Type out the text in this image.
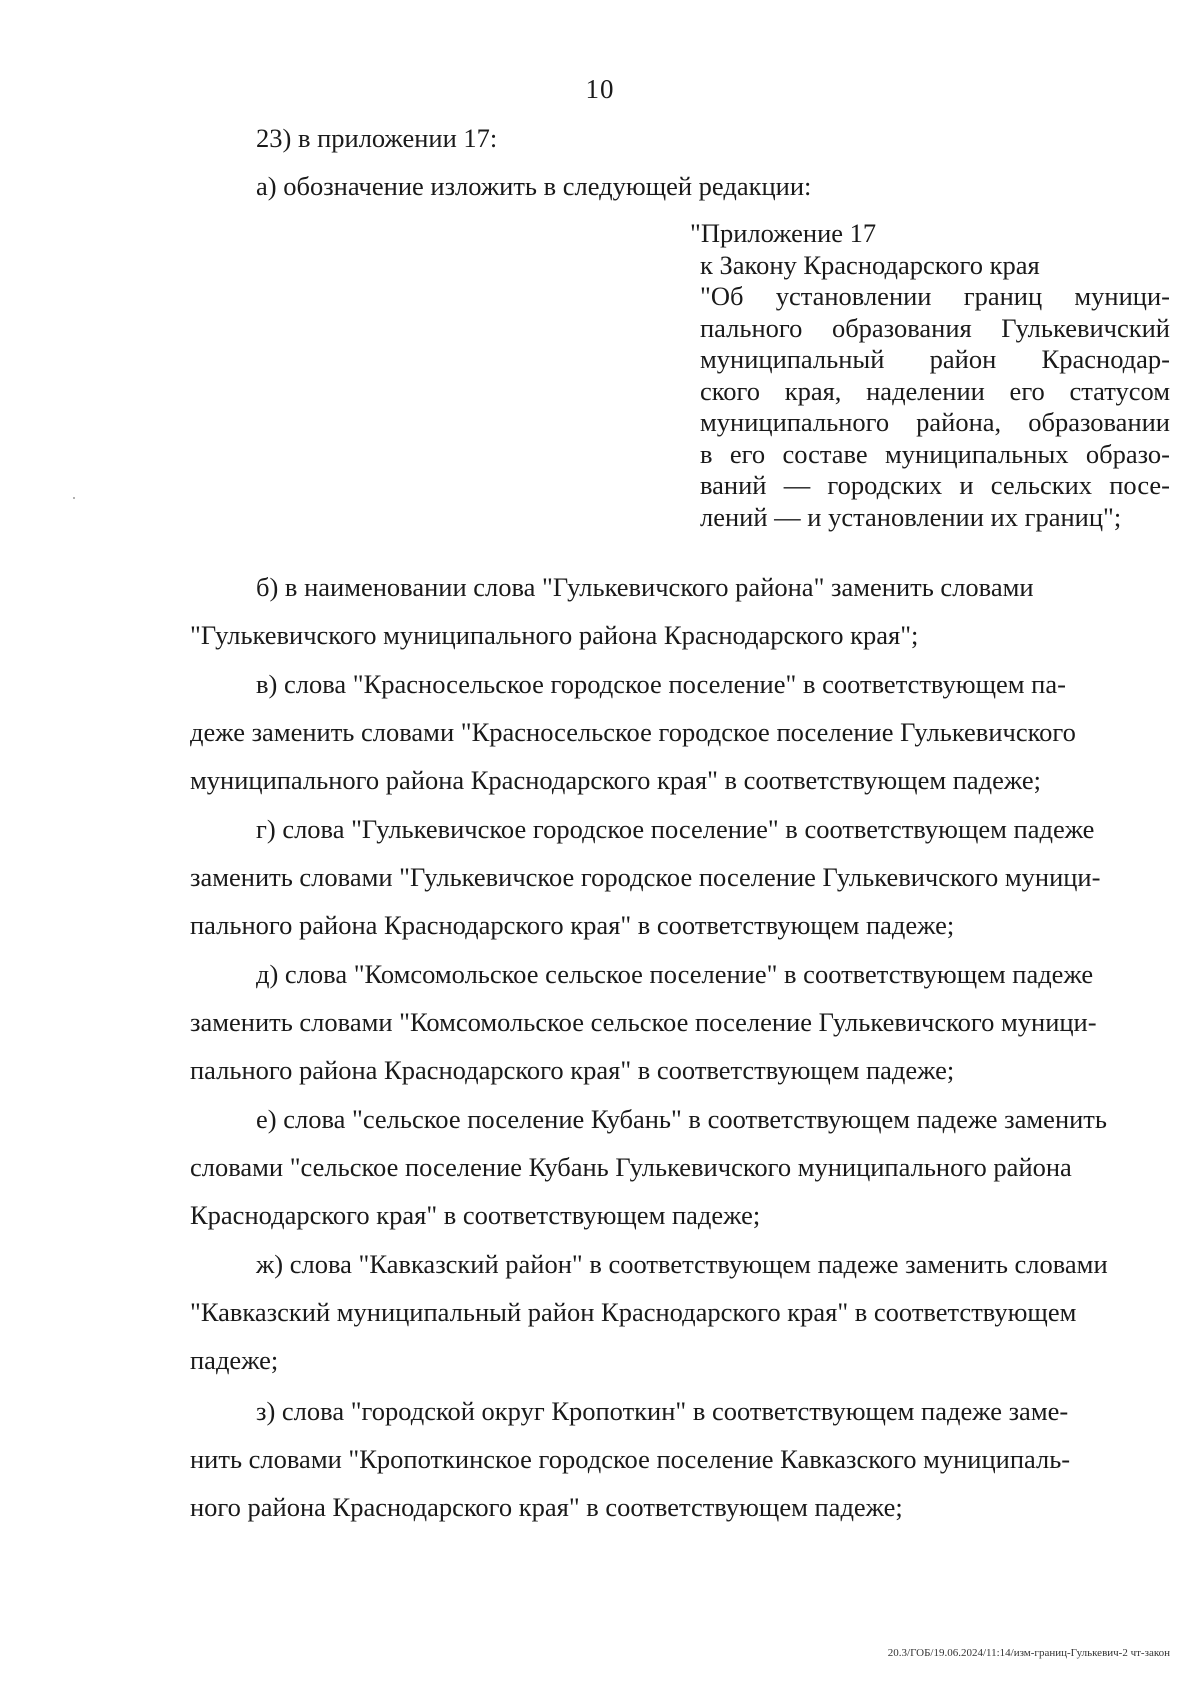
10
23) в приложении 17:
а) обозначение изложить в следующей редакции:
"Приложение 17
к Закону Краснодарского края
"Об установлении границ муници-
пального образования Гулькевичский
муниципальный район Краснодар-
ского края, наделении его статусом
муниципального района, образовании
в его составе муниципальных образо-
ваний — городских и сельских посе-
лений — и установлении их границ";
б) в наименовании слова "Гулькевичского района" заменить словами
"Гулькевичского муниципального района Краснодарского края";
в) слова "Красносельское городское поселение" в соответствующем па-
деже заменить словами "Красносельское городское поселение Гулькевичского
муниципального района Краснодарского края" в соответствующем падеже;
г) слова "Гулькевичское городское поселение" в соответствующем падеже
заменить словами "Гулькевичское городское поселение Гулькевичского муници-
пального района Краснодарского края" в соответствующем падеже;
д) слова "Комсомольское сельское поселение" в соответствующем падеже
заменить словами "Комсомольское сельское поселение Гулькевичского муници-
пального района Краснодарского края" в соответствующем падеже;
е) слова "сельское поселение Кубань" в соответствующем падеже заменить
словами "сельское поселение Кубань Гулькевичского муниципального района
Краснодарского края" в соответствующем падеже;
ж) слова "Кавказский район" в соответствующем падеже заменить словами
"Кавказский муниципальный район Краснодарского края" в соответствующем
падеже;
з) слова "городской округ Кропоткин" в соответствующем падеже заме-
нить словами "Кропоткинское городское поселение Кавказского муниципаль-
ного района Краснодарского края" в соответствующем падеже;
20.3/ГОБ/19.06.2024/11:14/изм-границ-Гулькевич-2 чт-закон
